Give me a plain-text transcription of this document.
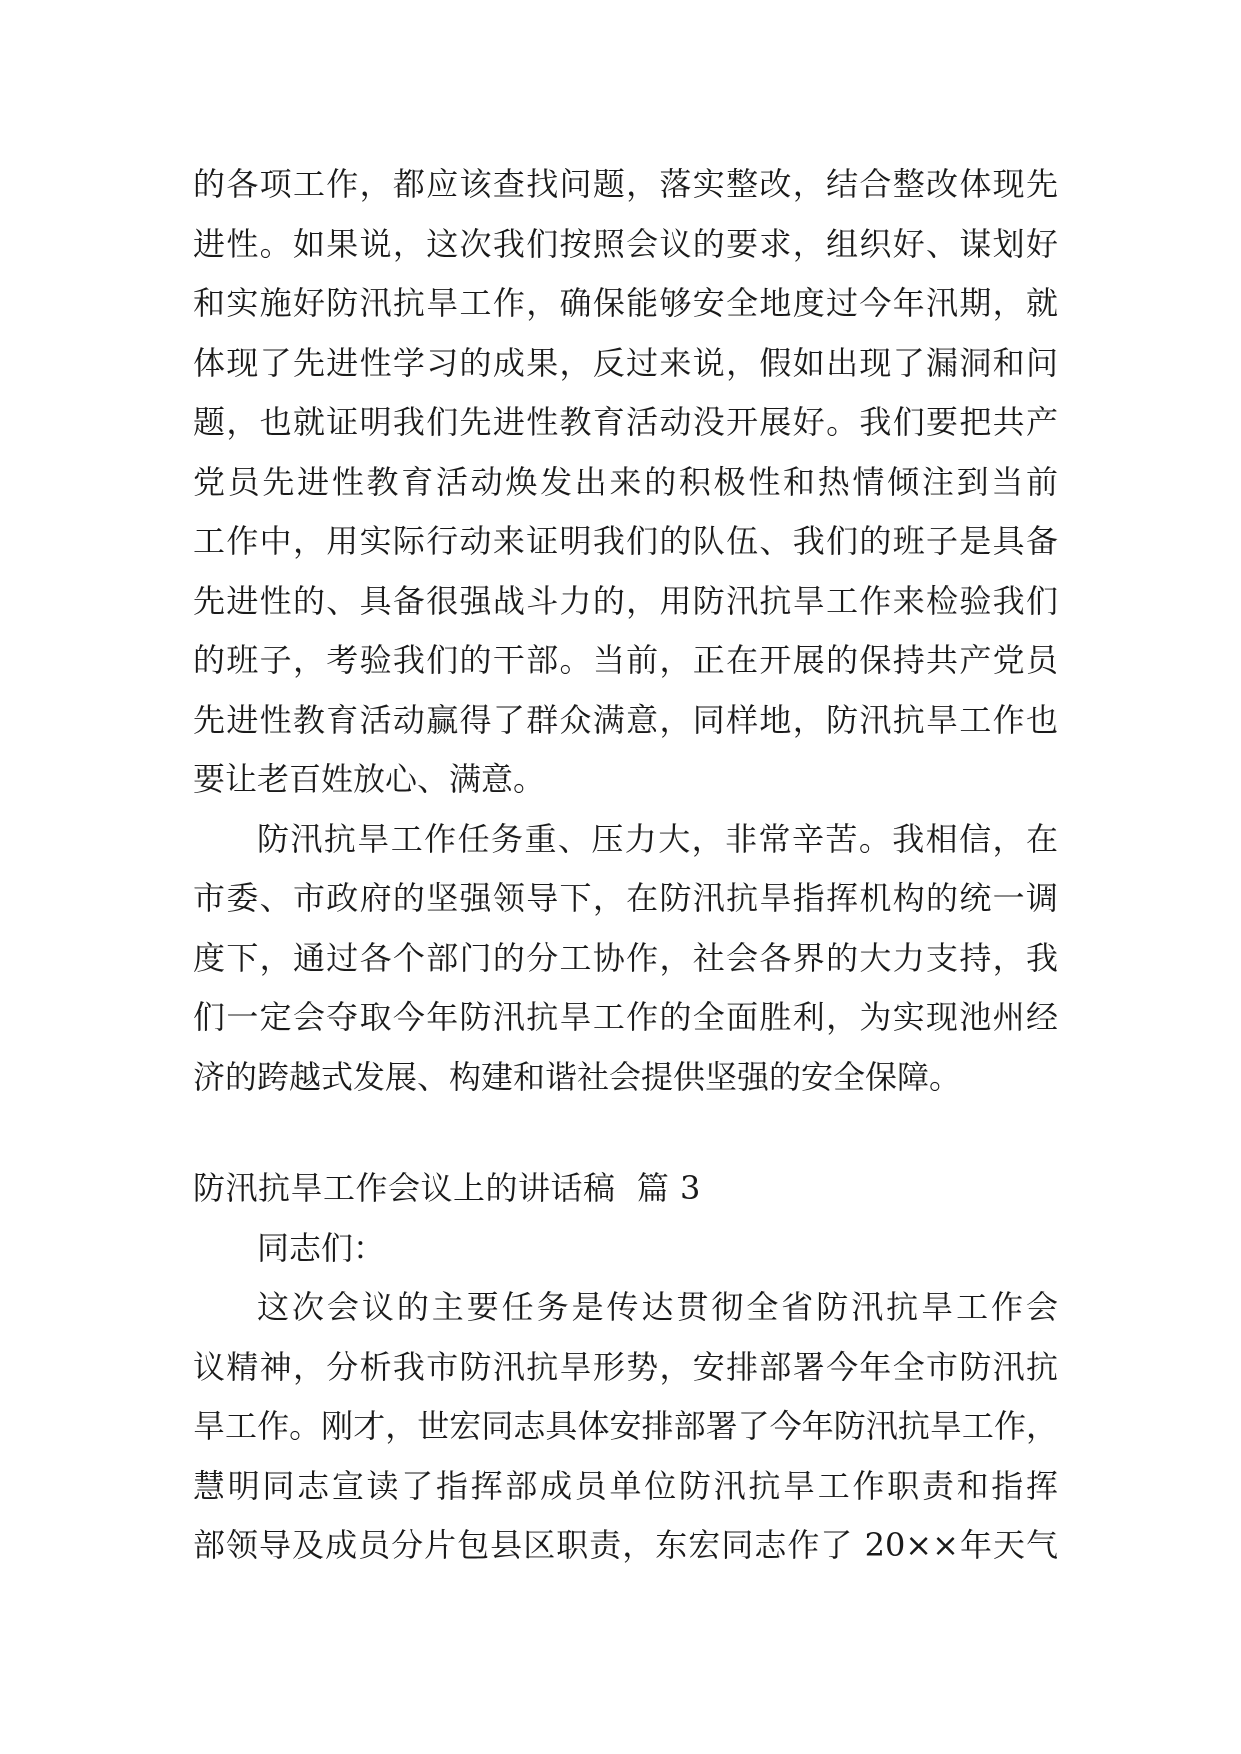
的各项工作，都应该查找问题，落实整改，结合整改体现先
进性。如果说，这次我们按照会议的要求，组织好、谋划好
和实施好防汛抗旱工作，确保能够安全地度过今年汛期，就
体现了先进性学习的成果，反过来说，假如出现了漏洞和问
题，也就证明我们先进性教育活动没开展好。我们要把共产
党员先进性教育活动焕发出来的积极性和热情倾注到当前
工作中，用实际行动来证明我们的队伍、我们的班子是具备
先进性的、具备很强战斗力的，用防汛抗旱工作来检验我们
的班子，考验我们的干部。当前，正在开展的保持共产党员
先进性教育活动赢得了群众满意，同样地，防汛抗旱工作也
要让老百姓放心、满意。
防汛抗旱工作任务重、压力大，非常辛苦。我相信，在
市委、市政府的坚强领导下，在防汛抗旱指挥机构的统一调
度下，通过各个部门的分工协作，社会各界的大力支持，我
们一定会夺取今年防汛抗旱工作的全面胜利，为实现池州经
济的跨越式发展、构建和谐社会提供坚强的安全保障。
防汛抗旱工作会议上的讲话稿  篇 3
同志们：
这次会议的主要任务是传达贯彻全省防汛抗旱工作会
议精神，分析我市防汛抗旱形势，安排部署今年全市防汛抗
旱工作。刚才，世宏同志具体安排部署了今年防汛抗旱工作，
慧明同志宣读了指挥部成员单位防汛抗旱工作职责和指挥
部领导及成员分片包县区职责，东宏同志作了 20××年天气
